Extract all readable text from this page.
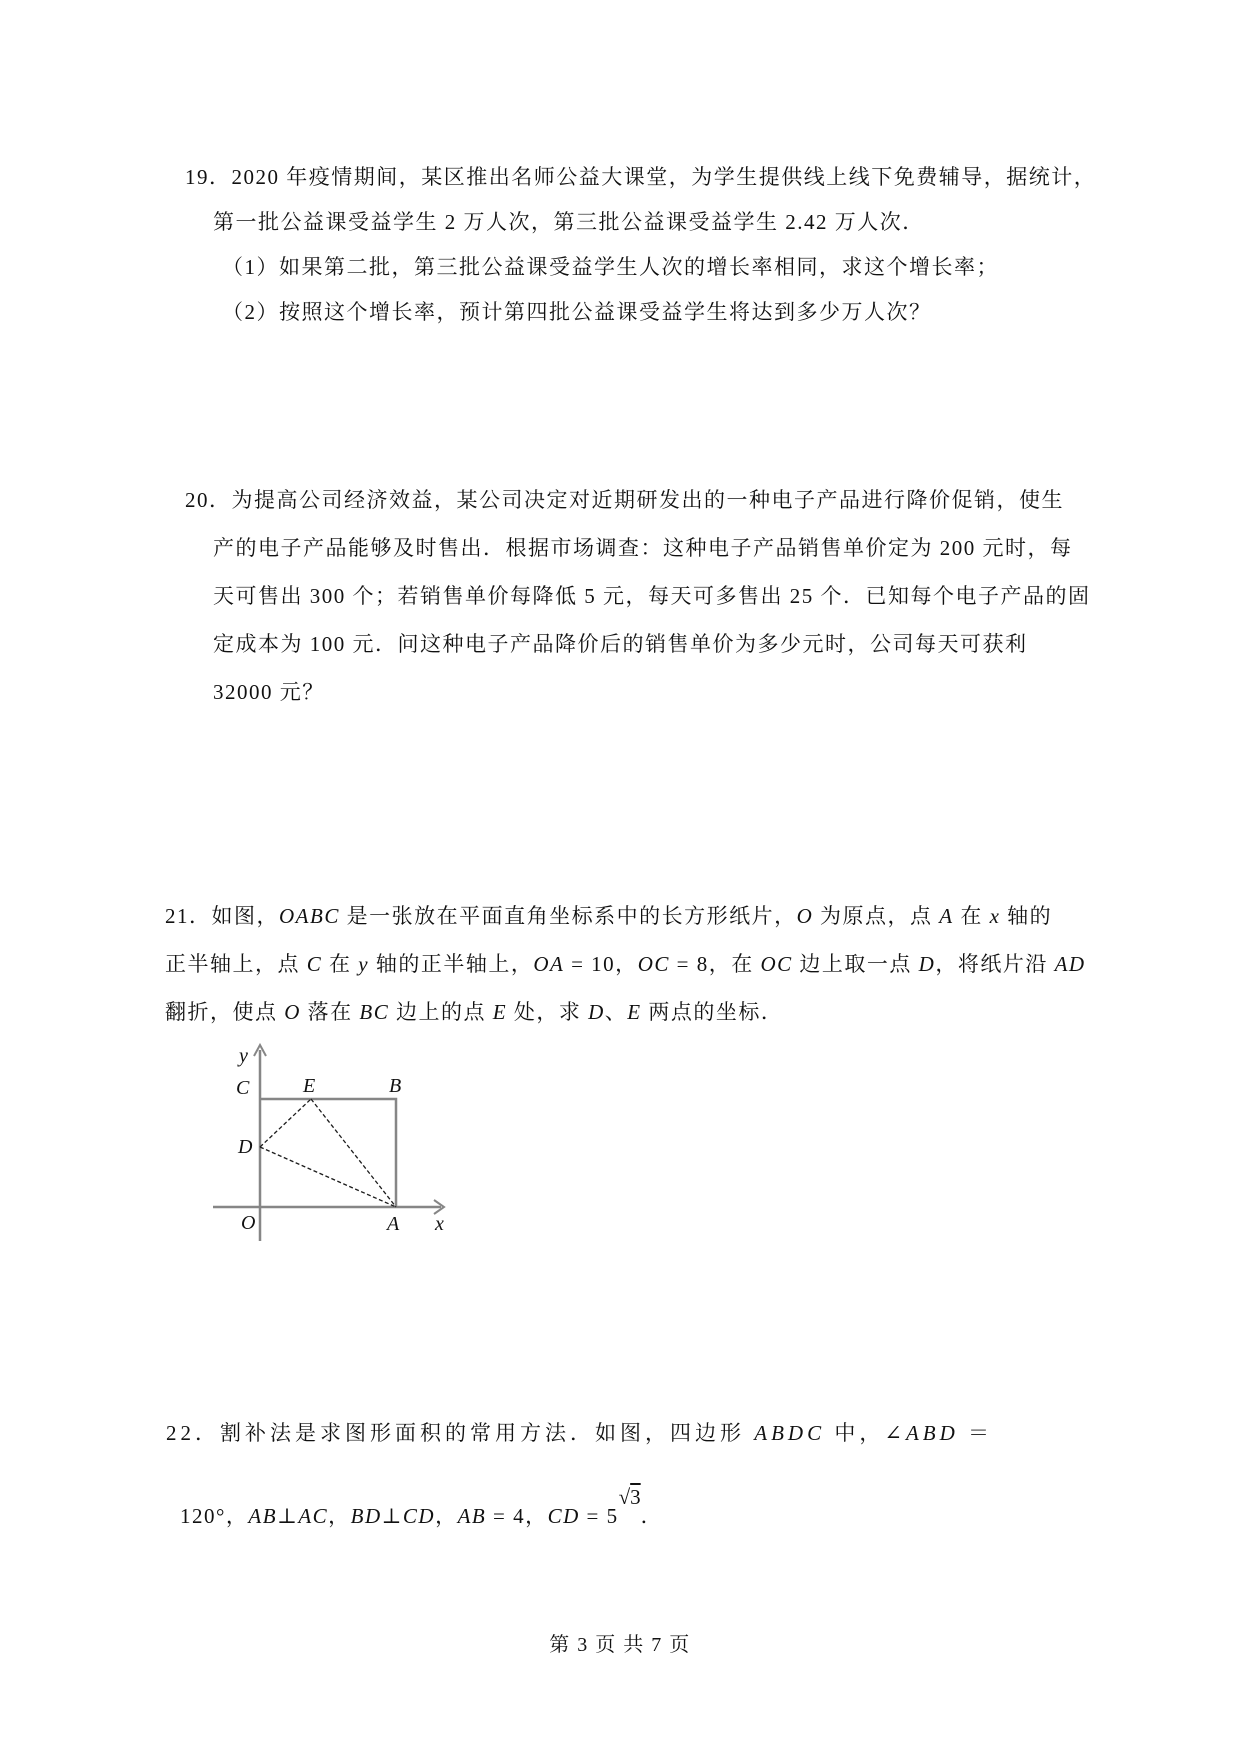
19．2020 年疫情期间，某区推出名师公益大课堂，为学生提供线上线下免费辅导，据统计，
第一批公益课受益学生 2 万人次，第三批公益课受益学生 2.42 万人次．
（1）如果第二批，第三批公益课受益学生人次的增长率相同，求这个增长率；
（2）按照这个增长率，预计第四批公益课受益学生将达到多少万人次？
20．为提高公司经济效益，某公司决定对近期研发出的一种电子产品进行降价促销，使生
产的电子产品能够及时售出．根据市场调查：这种电子产品销售单价定为 200 元时，每
天可售出 300 个；若销售单价每降低 5 元，每天可多售出 25 个．已知每个电子产品的固
定成本为 100 元．问这种电子产品降价后的销售单价为多少元时，公司每天可获利
32000 元？
21．如图，OABC 是一张放在平面直角坐标系中的长方形纸片，O 为原点，点 A 在 x 轴的
正半轴上，点 C 在 y 轴的正半轴上，OA = 10，OC = 8，在 OC 边上取一点 D，将纸片沿 AD
翻折，使点 O 落在 BC 边上的点 E 处，求 D、E 两点的坐标．
y
C	E	B
D
O	A x
22．割补法是求图形面积的常用方法．如图，四边形 ABDC 中，∠ABD ＝
120°，AB⊥AC，BD⊥CD，AB = 4，CD = 5√3．
第 3 页 共 7 页
